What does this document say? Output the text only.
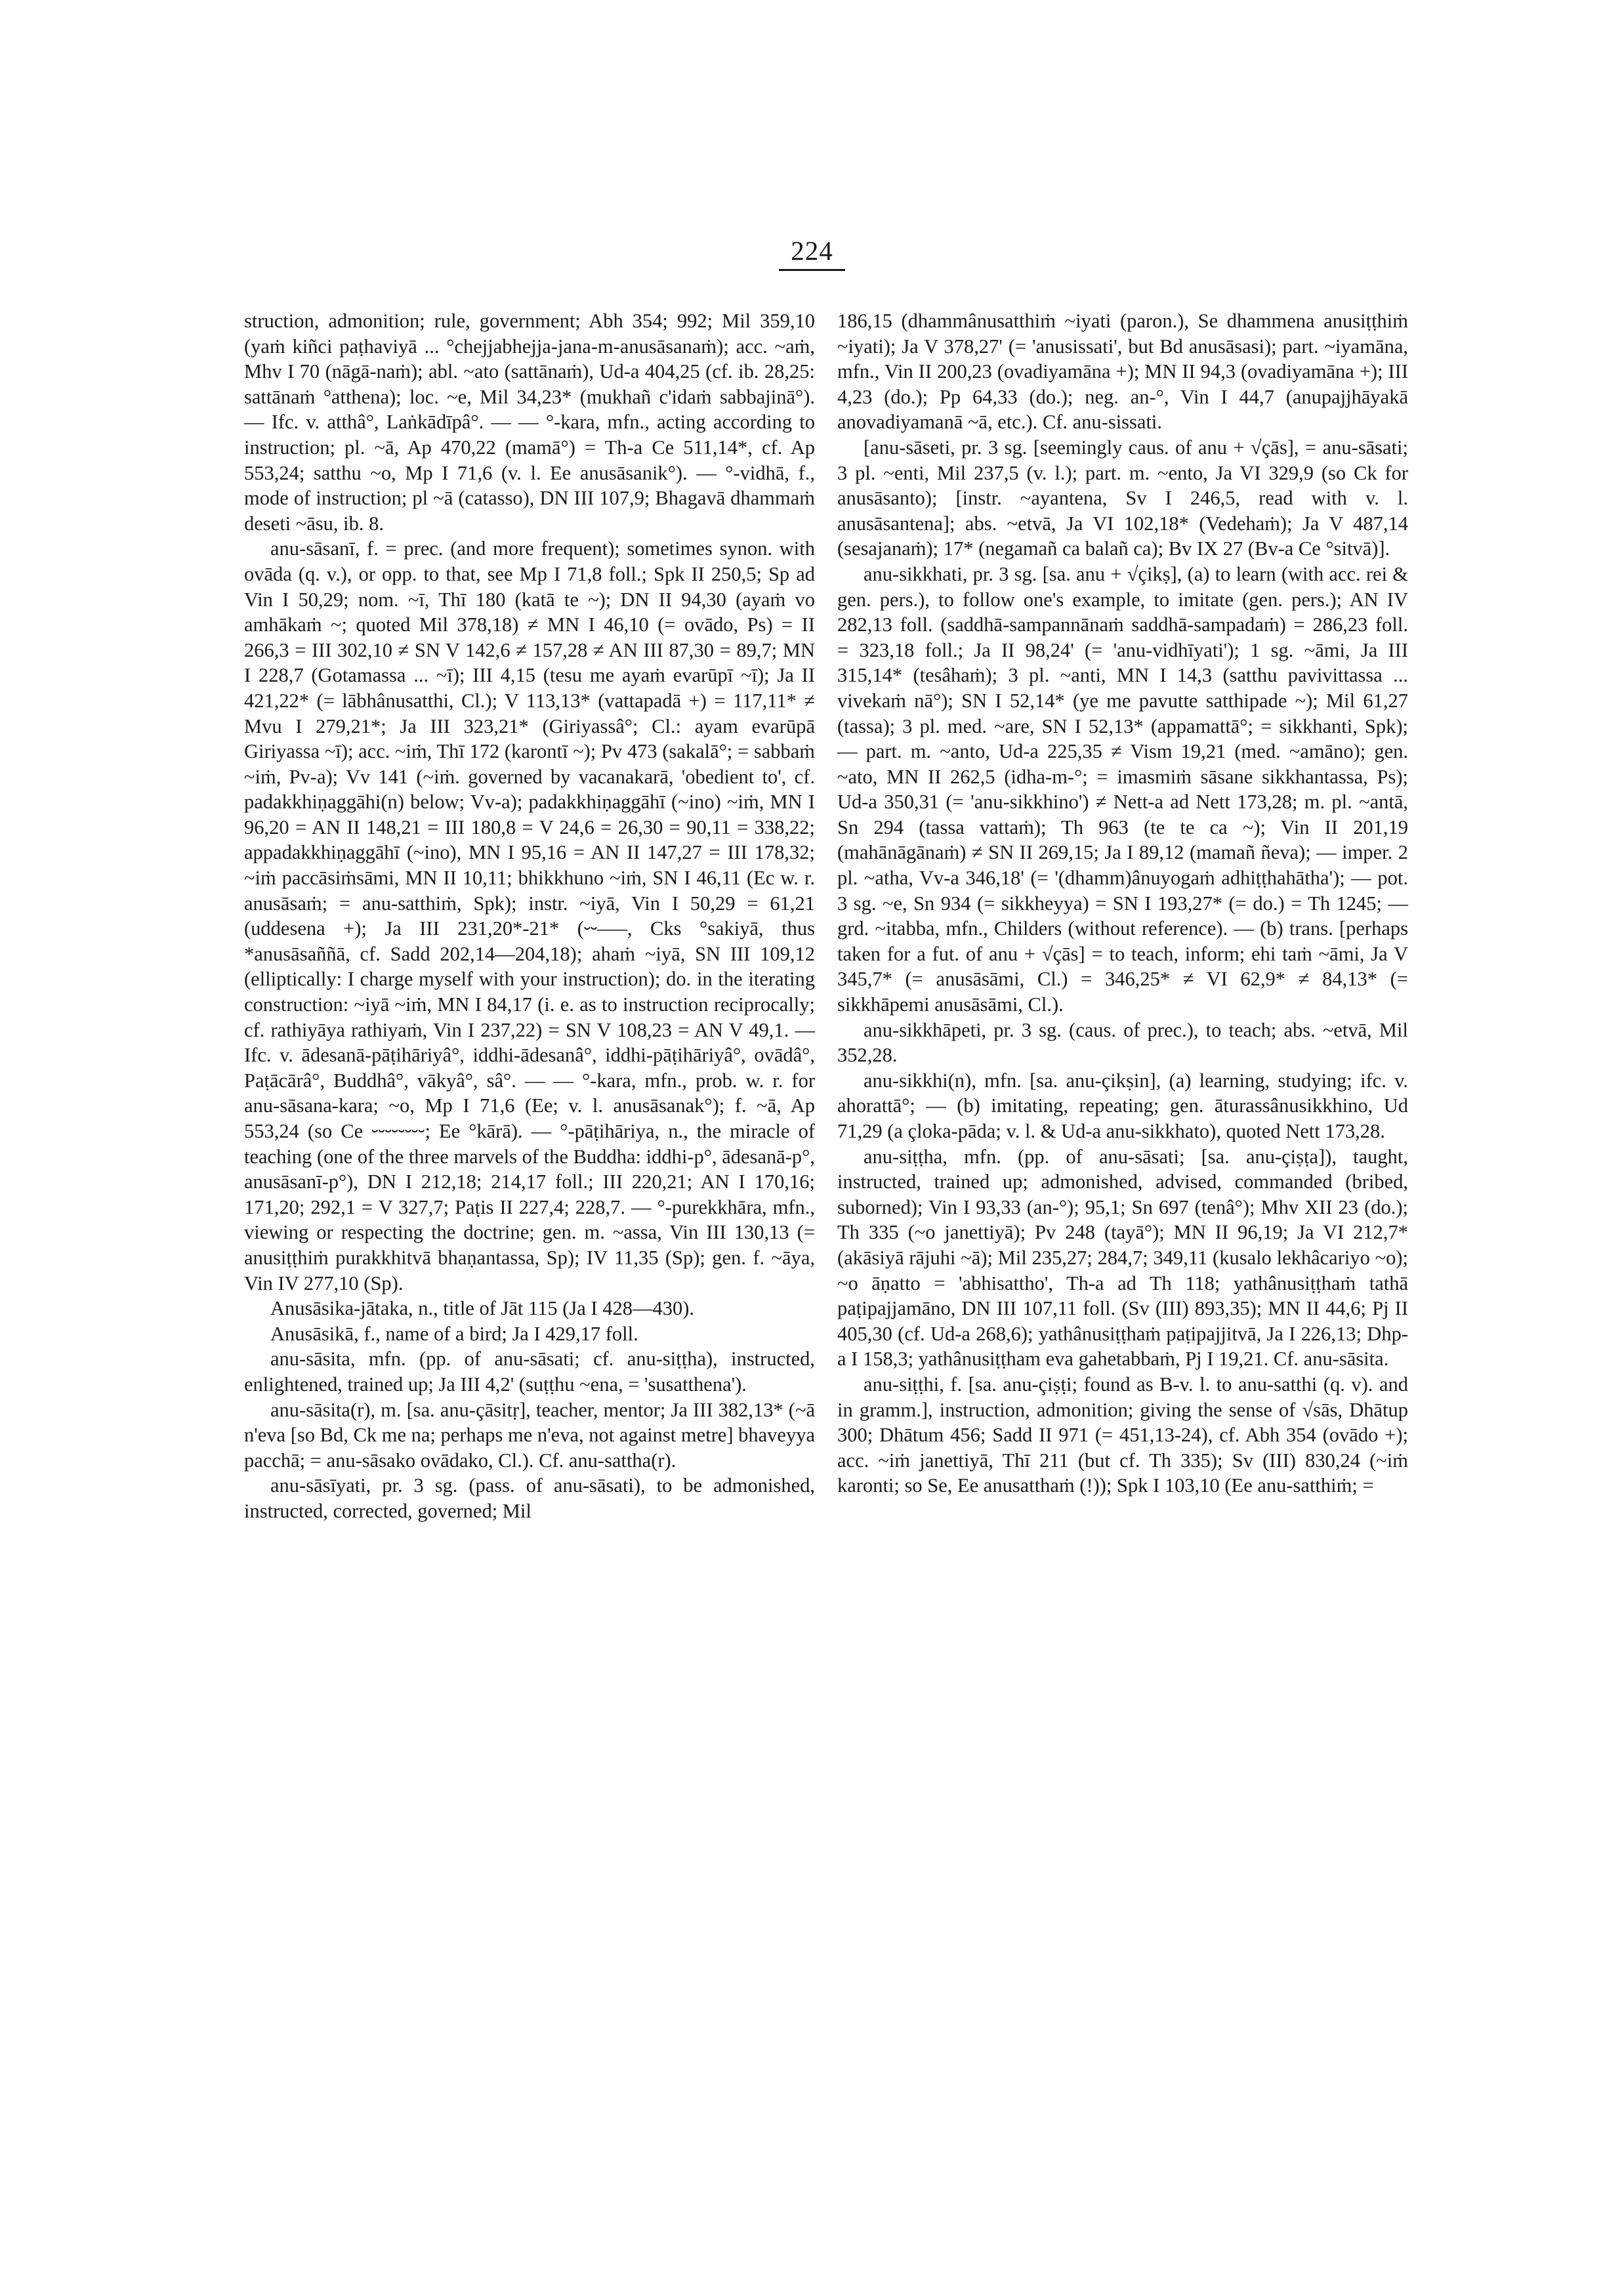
224

struction, admonition; rule, government; Abh 354; 992; Mil 359,10 (yaṁ kiñci paṭhaviyā ... °chejjabhejja-jana-m-anusāsanaṁ); acc. ~aṁ, Mhv I 70 (nāgā-naṁ); abl. ~ato (sattānaṁ), Ud-a 404,25 (cf. ib. 28,25: sattānaṁ °atthena); loc. ~e, Mil 34,23* (mukhañ c'idaṁ sabbajinā°). — Ifc. v. atthâ°, Laṅkādīpâ°. — — °-kara, mfn., acting according to instruction; pl. ~ā, Ap 470,22 (mamā°) = Th-a Ce 511,14*, cf. Ap 553,24; satthu ~o, Mp I 71,6 (v. l. Ee anusāsanik°). — °-vidhā, f., mode of instruction; pl ~ā (catasso), DN III 107,9; Bhagavā dhammaṁ deseti ~āsu, ib. 8.

anu-sāsanī, f. = prec. (and more frequent); sometimes synon. with ovāda (q. v.), or opp. to that, see Mp I 71,8 foll.; Spk II 250,5; Sp ad Vin I 50,29; nom. ~ī, Thī 180 (katā te ~); DN II 94,30 (ayaṁ vo amhākaṁ ~; quoted Mil 378,18) ≠ MN I 46,10 (= ovādo, Ps) = II 266,3 = III 302,10 ≠ SN V 142,6 ≠ 157,28 ≠ AN III 87,30 = 89,7; MN I 228,7 (Gotamassa ... ~ī); III 4,15 (tesu me ayaṁ evarūpī ~ī); Ja II 421,22* (= lābhânusatthi, Cl.); V 113,13* (vattapadā +) = 117,11* ≠ Mvu I 279,21*; Ja III 323,21* (Giriyassâ°; Cl.: ayam evarūpā Giriyassa ~ī); acc. ~iṁ, Thī 172 (karontī ~); Pv 473 (sakalā°; = sabbaṁ ~iṁ, Pv-a); Vv 141 (~iṁ. governed by vacanakarā, 'obedient to', cf. padakkhiṇaggāhi(n) below; Vv-a); padakkhiṇaggāhī (~ino) ~iṁ, MN I 96,20 = AN II 148,21 = III 180,8 = V 24,6 = 26,30 = 90,11 = 338,22; appadakkhiṇaggāhī (~ino), MN I 95,16 = AN II 147,27 = III 178,32; ~iṁ paccāsiṁsāmi, MN II 10,11; bhikkhuno ~iṁ, SN I 46,11 (Ec w. r. anusāsaṁ; = anu-satthiṁ, Spk); instr. ~iyā, Vin I 50,29 = 61,21 (uddesena +); Ja III 231,20*-21* (⏑⏑–––, Cks °sakiyā, thus *anusāsaññā, cf. Sadd 202,14—204,18); ahaṁ ~iyā, SN III 109,12 (elliptically: I charge myself with your instruction); do. in the iterating construction: ~iyā ~iṁ, MN I 84,17 (i. e. as to instruction reciprocally; cf. rathiyāya rathiyaṁ, Vin I 237,22) = SN V 108,23 = AN V 49,1. — Ifc. v. ādesanā-pāṭihāriyâ°, iddhi-ādesanâ°, iddhi-pāṭihāriyâ°, ovādâ°, Paṭācārâ°, Buddhâ°, vākyâ°, sâ°. — — °-kara, mfn., prob. w. r. for anu-sāsana-kara; ~o, Mp I 71,6 (Ee; v. l. anusāsanak°); f. ~ā, Ap 553,24 (so Ce ⏑⏑⏑⏑⏑⏑⏑⏑; Ee °kārā). — °-pāṭihāriya, n., the miracle of teaching (one of the three marvels of the Buddha: iddhi-p°, ādesanā-p°, anusāsanī-p°), DN I 212,18; 214,17 foll.; III 220,21; AN I 170,16; 171,20; 292,1 = V 327,7; Paṭis II 227,4; 228,7. — °-purekkhāra, mfn., viewing or respecting the doctrine; gen. m. ~assa, Vin III 130,13 (= anusiṭṭhiṁ purakkhitvā bhaṇantassa, Sp); IV 11,35 (Sp); gen. f. ~āya, Vin IV 277,10 (Sp).

Anusāsika-jātaka, n., title of Jāt 115 (Ja I 428—430).

Anusāsikā, f., name of a bird; Ja I 429,17 foll.

anu-sāsita, mfn. (pp. of anu-sāsati; cf. anu-siṭṭha), instructed, enlightened, trained up; Ja III 4,2' (suṭṭhu ~ena, = 'susatthena').

anu-sāsita(r), m. [sa. anu-çāsitṛ], teacher, mentor; Ja III 382,13* (~ā n'eva [so Bd, Ck me na; perhaps me n'eva, not against metre] bhaveyya pacchā; = anu-sāsako ovādako, Cl.). Cf. anu-sattha(r).

anu-sāsīyati, pr. 3 sg. (pass. of anu-sāsati), to be admonished, instructed, corrected, governed; Mil

186,15 (dhammânusatthiṁ ~iyati (paron.), Se dhammena anusiṭṭhiṁ ~iyati); Ja V 378,27' (= 'anusissati', but Bd anusāsasi); part. ~iyamāna, mfn., Vin II 200,23 (ovadiyamāna +); MN II 94,3 (ovadiyamāna +); III 4,23 (do.); Pp 64,33 (do.); neg. an-°, Vin I 44,7 (anupajjhāyakā anovadiyamanā ~ā, etc.). Cf. anu-sissati.

[anu-sāseti, pr. 3 sg. [seemingly caus. of anu + √çās], = anu-sāsati; 3 pl. ~enti, Mil 237,5 (v. l.); part. m. ~ento, Ja VI 329,9 (so Ck for anusāsanto); [instr. ~ayantena, Sv I 246,5, read with v. l. anusāsantena]; abs. ~etvā, Ja VI 102,18* (Vedehaṁ); Ja V 487,14 (sesajanaṁ); 17* (negamañ ca balañ ca); Bv IX 27 (Bv-a Ce °sitvā)].

anu-sikkhati, pr. 3 sg. [sa. anu + √çikṣ], (a) to learn (with acc. rei & gen. pers.), to follow one's example, to imitate (gen. pers.); AN IV 282,13 foll. (saddhā-sampannānaṁ saddhā-sampadaṁ) = 286,23 foll. = 323,18 foll.; Ja II 98,24' (= 'anu-vidhīyati'); 1 sg. ~āmi, Ja III 315,14* (tesâhaṁ); 3 pl. ~anti, MN I 14,3 (satthu pavivittassa ... vivekaṁ nā°); SN I 52,14* (ye me pavutte satthipade ~); Mil 61,27 (tassa); 3 pl. med. ~are, SN I 52,13* (appamattā°; = sikkhanti, Spk); — part. m. ~anto, Ud-a 225,35 ≠ Vism 19,21 (med. ~amāno); gen. ~ato, MN II 262,5 (idha-m-°; = imasmiṁ sāsane sikkhantassa, Ps); Ud-a 350,31 (= 'anu-sikkhino') ≠ Nett-a ad Nett 173,28; m. pl. ~antā, Sn 294 (tassa vattaṁ); Th 963 (te te ca ~); Vin II 201,19 (mahānāgānaṁ) ≠ SN II 269,15; Ja I 89,12 (mamañ ñeva); — imper. 2 pl. ~atha, Vv-a 346,18' (= '(dhamm)ânuyogaṁ adhiṭṭhahātha'); — pot. 3 sg. ~e, Sn 934 (= sikkheyya) = SN I 193,27* (= do.) = Th 1245; — grd. ~itabba, mfn., Childers (without reference). — (b) trans. [perhaps taken for a fut. of anu + √çās] = to teach, inform; ehi taṁ ~āmi, Ja V 345,7* (= anusāsāmi, Cl.) = 346,25* ≠ VI 62,9* ≠ 84,13* (= sikkhāpemi anusāsāmi, Cl.).

anu-sikkhāpeti, pr. 3 sg. (caus. of prec.), to teach; abs. ~etvā, Mil 352,28.

anu-sikkhi(n), mfn. [sa. anu-çikṣin], (a) learning, studying; ifc. v. ahorattā°; — (b) imitating, repeating; gen. āturassânusikkhino, Ud 71,29 (a çloka-pāda; v. l. & Ud-a anu-sikkhato), quoted Nett 173,28.

anu-siṭṭha, mfn. (pp. of anu-sāsati; [sa. anu-çiṣṭa]), taught, instructed, trained up; admonished, advised, commanded (bribed, suborned); Vin I 93,33 (an-°); 95,1; Sn 697 (tenâ°); Mhv XII 23 (do.); Th 335 (~o janettiyā); Pv 248 (tayā°); MN II 96,19; Ja VI 212,7* (akāsiyā rājuhi ~ā); Mil 235,27; 284,7; 349,11 (kusalo lekhâcariyo ~o); ~o āṇatto = 'abhisattho', Th-a ad Th 118; yathânusiṭṭhaṁ tathā paṭipajjamāno, DN III 107,11 foll. (Sv (III) 893,35); MN II 44,6; Pj II 405,30 (cf. Ud-a 268,6); yathânusiṭṭhaṁ paṭipajjitvā, Ja I 226,13; Dhp-a I 158,3; yathânusiṭṭham eva gahetabbaṁ, Pj I 19,21. Cf. anu-sāsita.

anu-siṭṭhi, f. [sa. anu-çiṣṭi; found as B-v. l. to anu-satthi (q. v). and in gramm.], instruction, admonition; giving the sense of √sās, Dhātup 300; Dhātum 456; Sadd II 971 (= 451,13-24), cf. Abh 354 (ovādo +); acc. ~iṁ janettiyā, Thī 211 (but cf. Th 335); Sv (III) 830,24 (~iṁ karonti; so Se, Ee anusatthaṁ (!)); Spk I 103,10 (Ee anu-satthiṁ; =
